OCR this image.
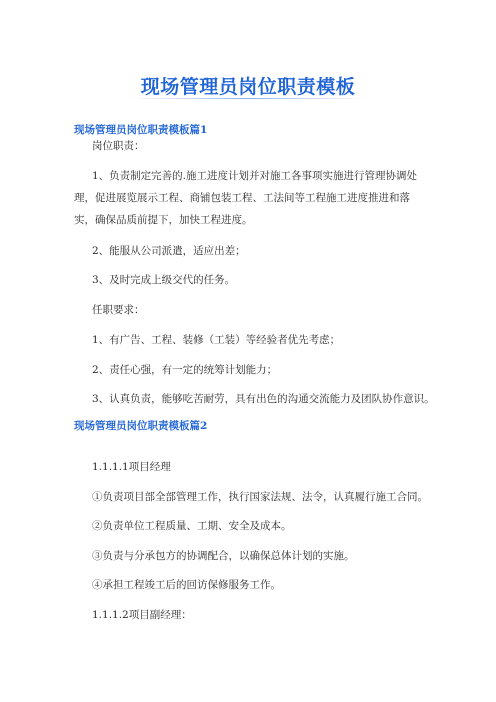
现场管理员岗位职责模板
现场管理员岗位职责模板篇1
岗位职责：
1、负责制定完善的.施工进度计划并对施工各事项实施进行管理协调处理，促进展览展示工程、商铺包装工程、工法间等工程施工进度推进和落实，确保品质前提下，加快工程进度。
2、能服从公司派遣，适应出差；
3、及时完成上级交代的任务。
任职要求：
1、有广告、工程、装修（工装）等经验者优先考虑；
2、责任心强，有一定的统筹计划能力；
3、认真负责，能够吃苦耐劳，具有出色的沟通交流能力及团队协作意识。
现场管理员岗位职责模板篇2
1.1.1.1项目经理
①负责项目部全部管理工作，执行国家法规、法令，认真履行施工合同。
②负责单位工程质量、工期、安全及成本。
③负责与分承包方的协调配合，以确保总体计划的实施。
④承担工程竣工后的回访保修服务工作。
1.1.1.2项目副经理：
